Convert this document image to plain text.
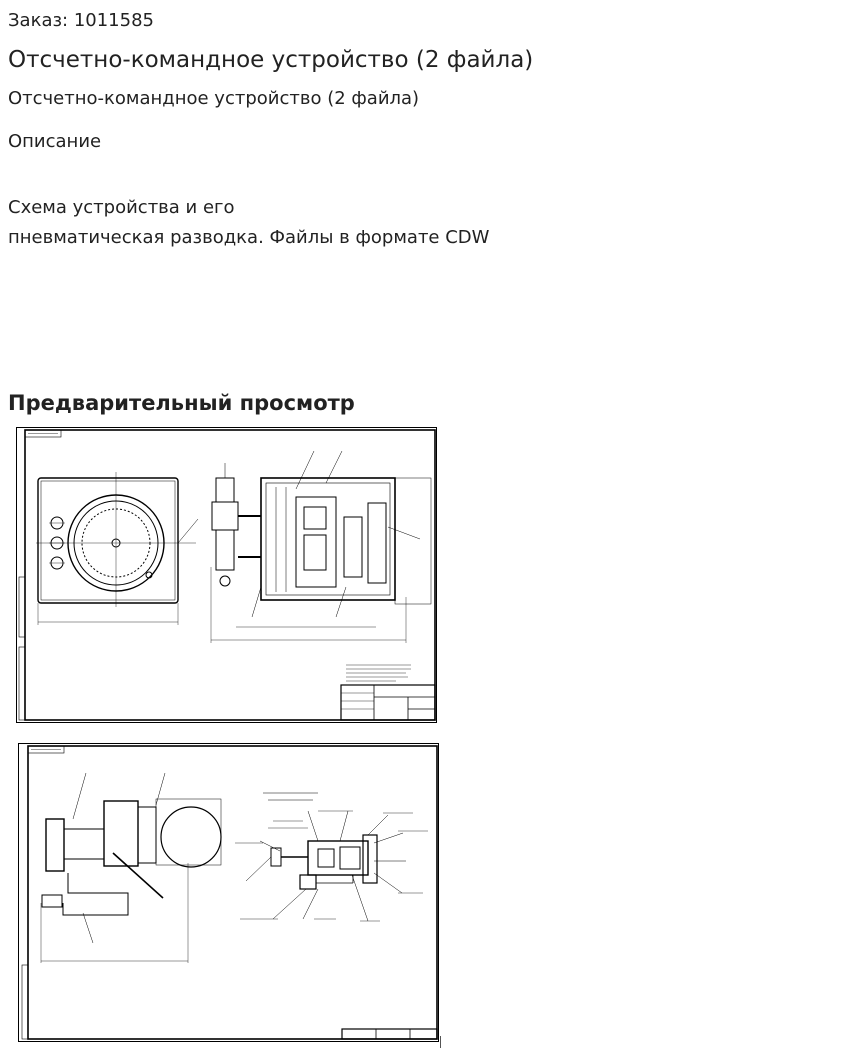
Заказ: 1011585
Отсчетно-командное устройство (2 файла)
Отсчетно-командное устройство (2 файла)
Описание
Схема устройства и его
пневматическая разводка. Файлы в формате CDW
Предварительный просмотр
